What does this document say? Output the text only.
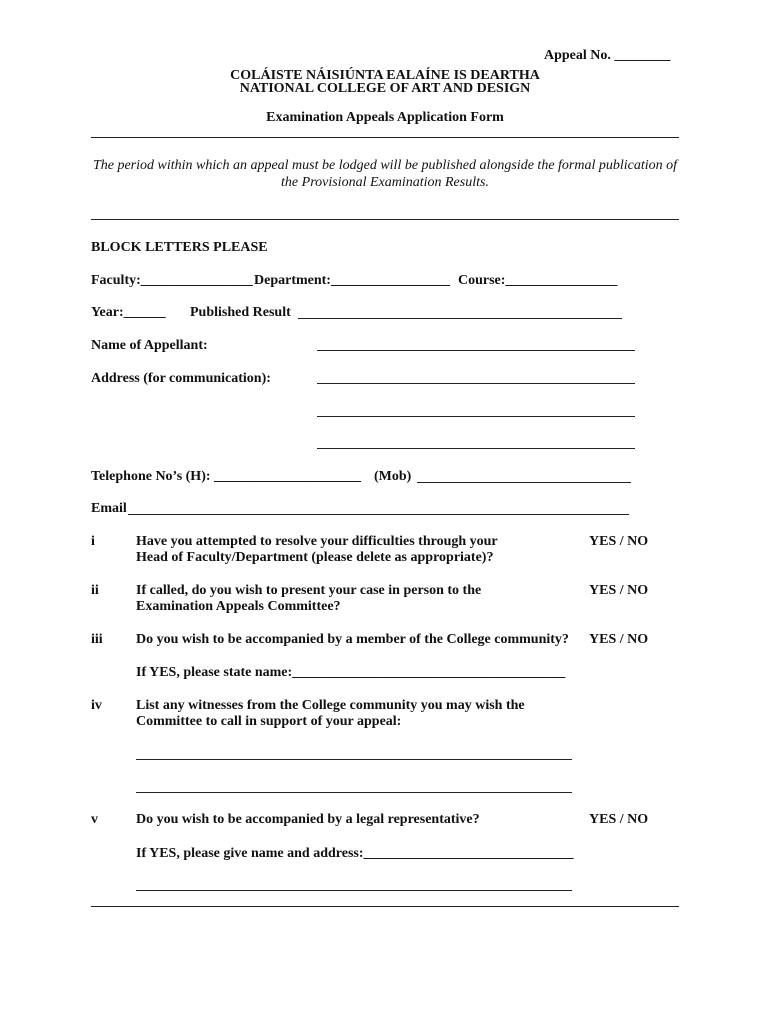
Appeal No. ________
COLÁISTE NÁISIÚNTA EALAÍNE IS DEARTHA
NATIONAL COLLEGE OF ART AND DESIGN
Examination Appeals Application Form
The period within which an appeal must be lodged will be published alongside the formal publication of
the Provisional Examination Results.
BLOCK LETTERS PLEASE
Faculty:________________ Department:_________________ Course:________________
Year:______ Published Result
Name of Appellant:
Address (for communication):
Telephone No’s (H): _____________________ (Mob)
Email
i	Have you attempted to resolve your difficulties through your
Head of Faculty/Department (please delete as appropriate)?
YES / NO
ii	If called, do you wish to present your case in person to the
Examination Appeals Committee?
YES / NO
iii Do you wish to be accompanied by a member of the College community? YES / NO
If YES, please state name:_______________________________________
iv List any witnesses from the College community you may wish the
Committee to call in support of your appeal:
v	Do you wish to be accompanied by a legal representative?	YES / NO
If YES, please give name and address:______________________________
